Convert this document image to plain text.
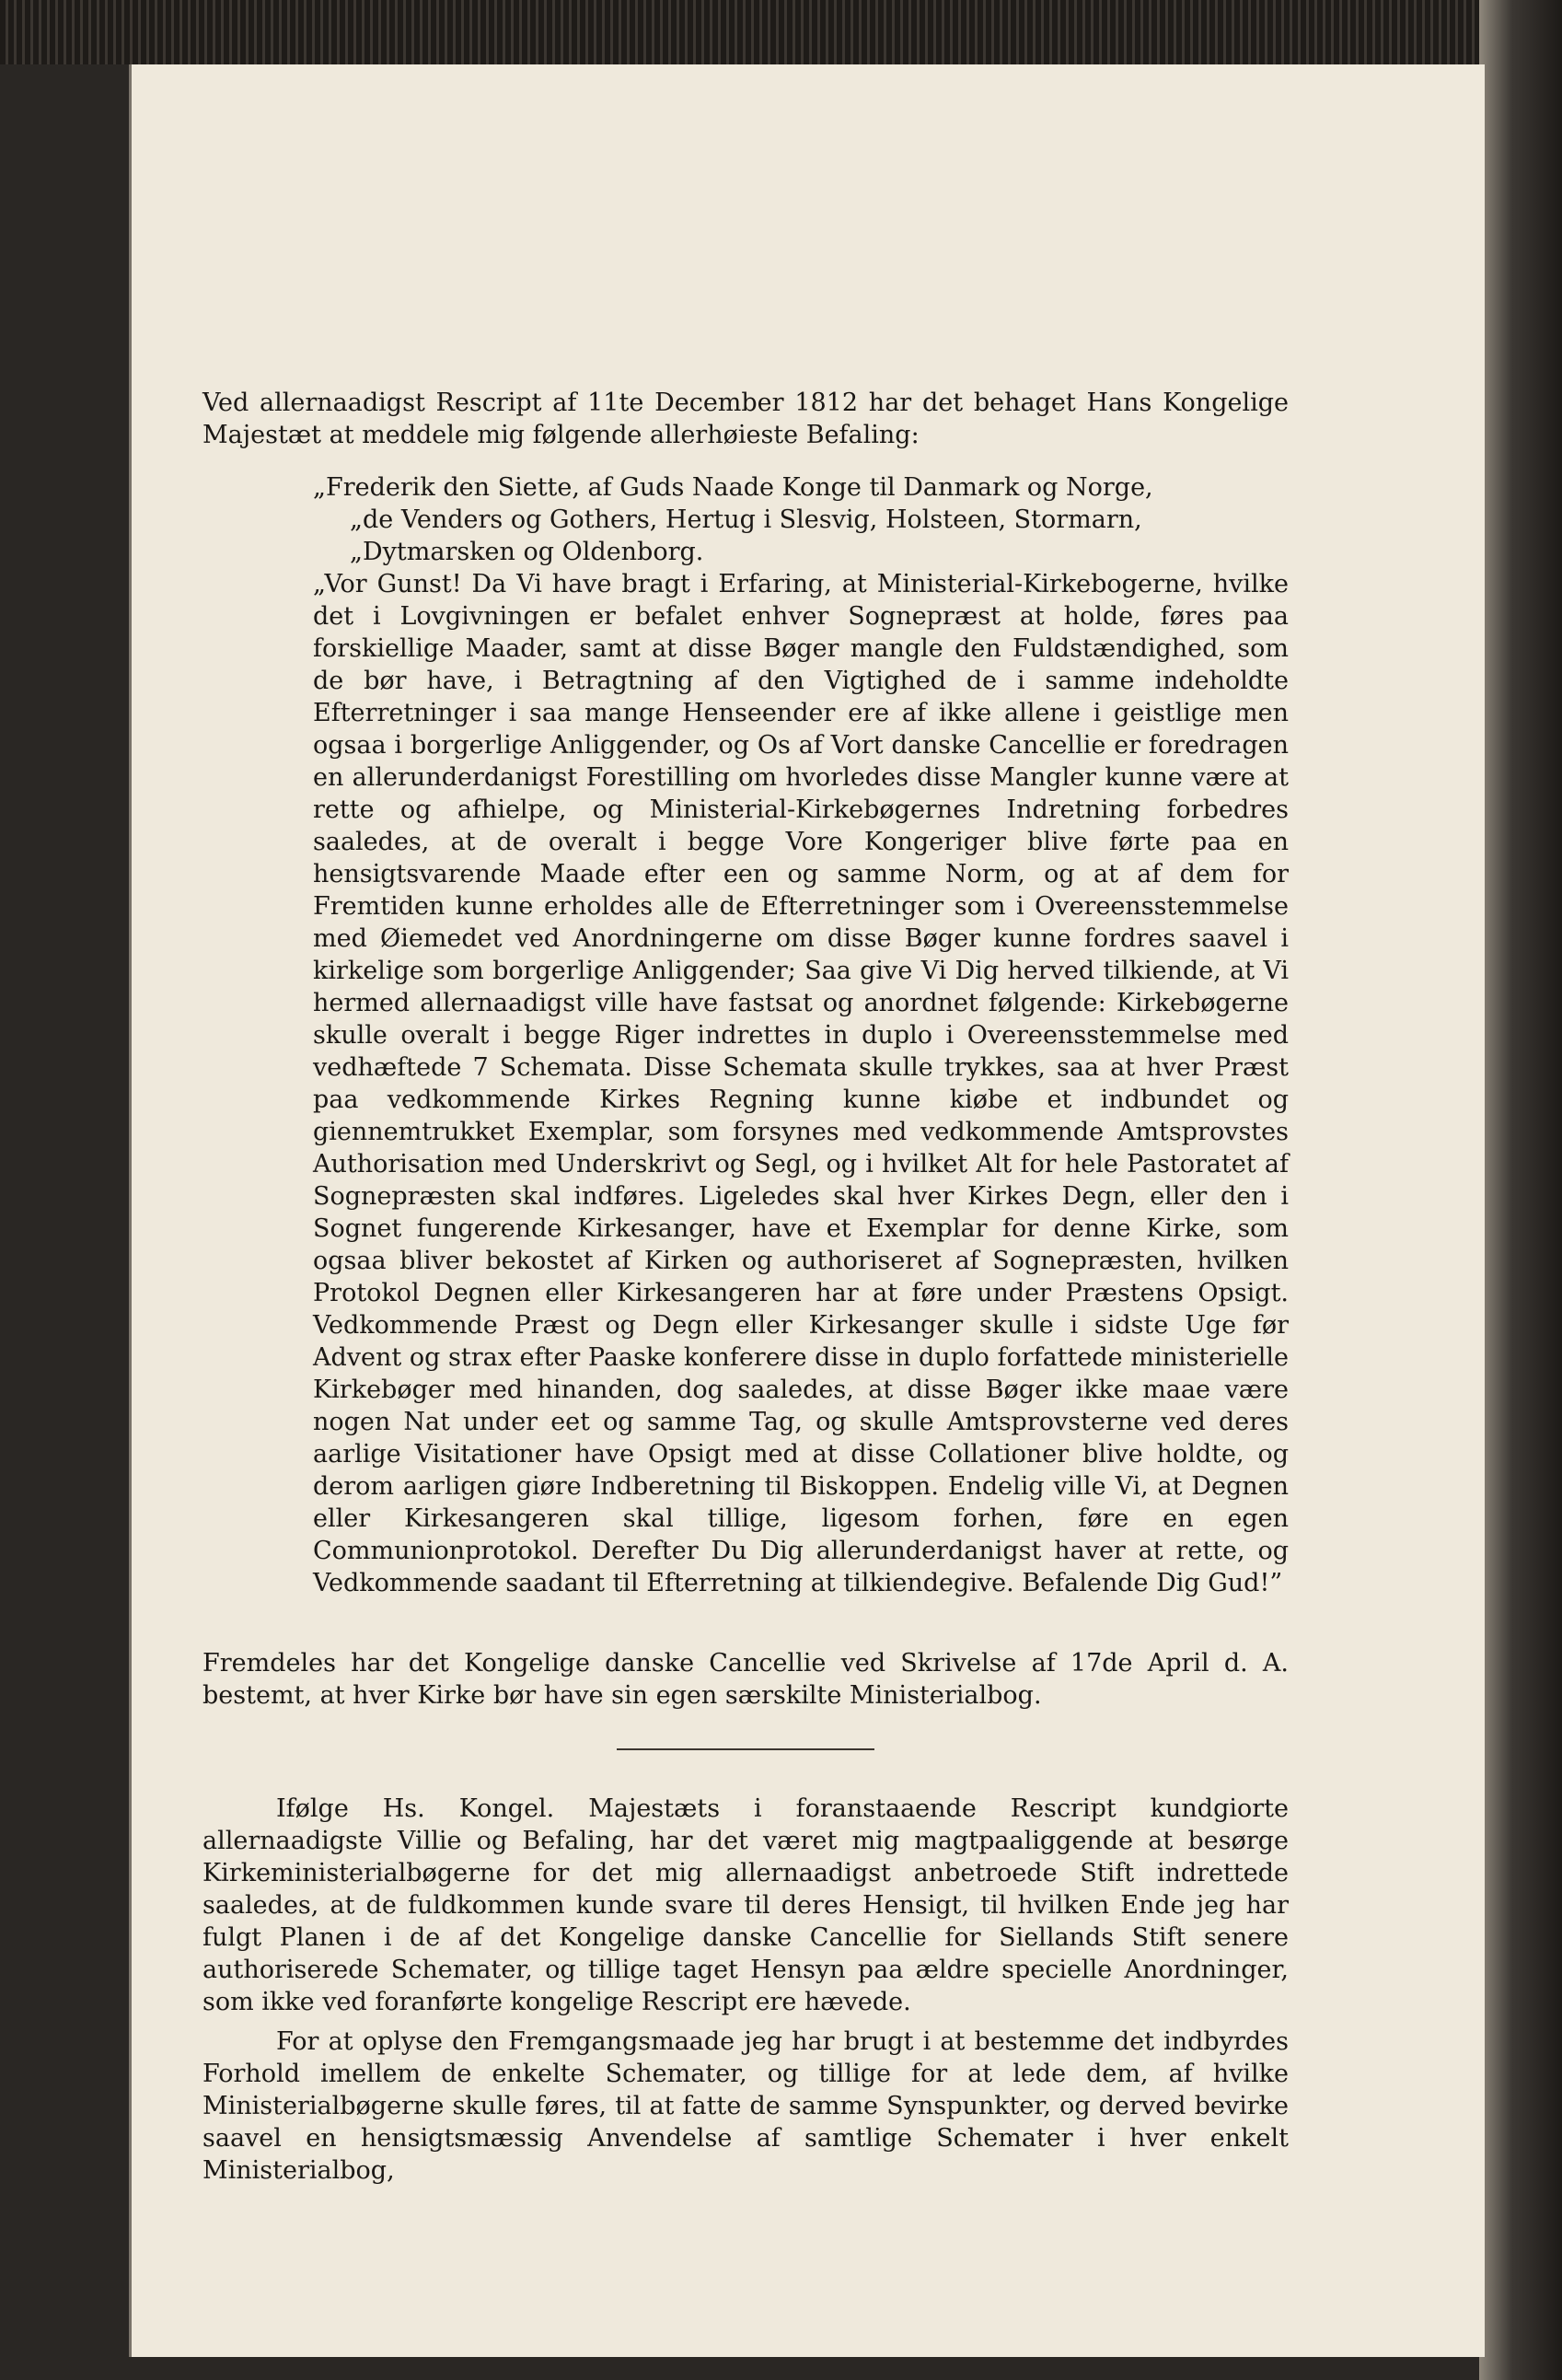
Ved allernaadigst Rescript af 11te December 1812 har det behaget Hans Kongelige Majestæt at meddele mig følgende allerhøieste Befaling:

„Frederik den Siette, af Guds Naade Konge til Danmark og Norge,

„de Venders og Gothers, Hertug i Slesvig, Holsteen, Stormarn,

„Dytmarsken og Oldenborg.

„Vor Gunst! Da Vi have bragt i Erfaring, at Ministerial-Kirkebogerne, hvilke det i Lovgivningen er befalet enhver Sognepræst at holde, føres paa forskiellige Maader, samt at disse Bøger mangle den Fuldstændighed, som de bør have, i Betragtning af den Vigtighed de i samme indeholdte Efterretninger i saa mange Henseender ere af ikke allene i geistlige men ogsaa i borgerlige Anliggender, og Os af Vort danske Cancellie er foredragen en allerunderdanigst Forestilling om hvorledes disse Mangler kunne være at rette og afhielpe, og Ministerial-Kirkebøgernes Indretning forbedres saaledes, at de overalt i begge Vore Kongeriger blive førte paa en hensigtsvarende Maade efter een og samme Norm, og at af dem for Fremtiden kunne erholdes alle de Efterretninger som i Overeensstemmelse med Øiemedet ved Anordningerne om disse Bøger kunne fordres saavel i kirkelige som borgerlige Anliggender; Saa give Vi Dig herved tilkiende, at Vi hermed allernaadigst ville have fastsat og anordnet følgende: Kirkebøgerne skulle overalt i begge Riger indrettes in duplo i Overeensstemmelse med vedhæftede 7 Schemata. Disse Schemata skulle trykkes, saa at hver Præst paa vedkommende Kirkes Regning kunne kiøbe et indbundet og giennemtrukket Exemplar, som forsynes med vedkommende Amtsprovstes Authorisation med Underskrivt og Segl, og i hvilket Alt for hele Pastoratet af Sognepræsten skal indføres. Ligeledes skal hver Kirkes Degn, eller den i Sognet fungerende Kirkesanger, have et Exemplar for denne Kirke, som ogsaa bliver bekostet af Kirken og authoriseret af Sognepræsten, hvilken Protokol Degnen eller Kirkesangeren har at føre under Præstens Opsigt. Vedkommende Præst og Degn eller Kirkesanger skulle i sidste Uge før Advent og strax efter Paaske konferere disse in duplo forfattede ministerielle Kirkebøger med hinanden, dog saaledes, at disse Bøger ikke maae være nogen Nat under eet og samme Tag, og skulle Amtsprovsterne ved deres aarlige Visitationer have Opsigt med at disse Collationer blive holdte, og derom aarligen giøre Indberetning til Biskoppen. Endelig ville Vi, at Degnen eller Kirkesangeren skal tillige, ligesom forhen, føre en egen Communionprotokol. Derefter Du Dig allerunderdanigst haver at rette, og Vedkommende saadant til Efterretning at tilkiendegive. Befalende Dig Gud!”

Fremdeles har det Kongelige danske Cancellie ved Skrivelse af 17de April d. A. bestemt, at hver Kirke bør have sin egen særskilte Ministerialbog.

Ifølge Hs. Kongel. Majestæts i foranstaaende Rescript kundgiorte allernaadigste Villie og Befaling, har det været mig magtpaaliggende at besørge Kirkeministerialbøgerne for det mig allernaadigst anbetroede Stift indrettede saaledes, at de fuldkommen kunde svare til deres Hensigt, til hvilken Ende jeg har fulgt Planen i de af det Kongelige danske Cancellie for Siellands Stift senere authoriserede Schemater, og tillige taget Hensyn paa ældre specielle Anordninger, som ikke ved foranførte kongelige Rescript ere hævede.

For at oplyse den Fremgangsmaade jeg har brugt i at bestemme det indbyrdes Forhold imellem de enkelte Schemater, og tillige for at lede dem, af hvilke Ministerialbøgerne skulle føres, til at fatte de samme Synspunkter, og derved bevirke saavel en hensigtsmæssig Anvendelse af samtlige Schemater i hver enkelt Ministerialbog,
